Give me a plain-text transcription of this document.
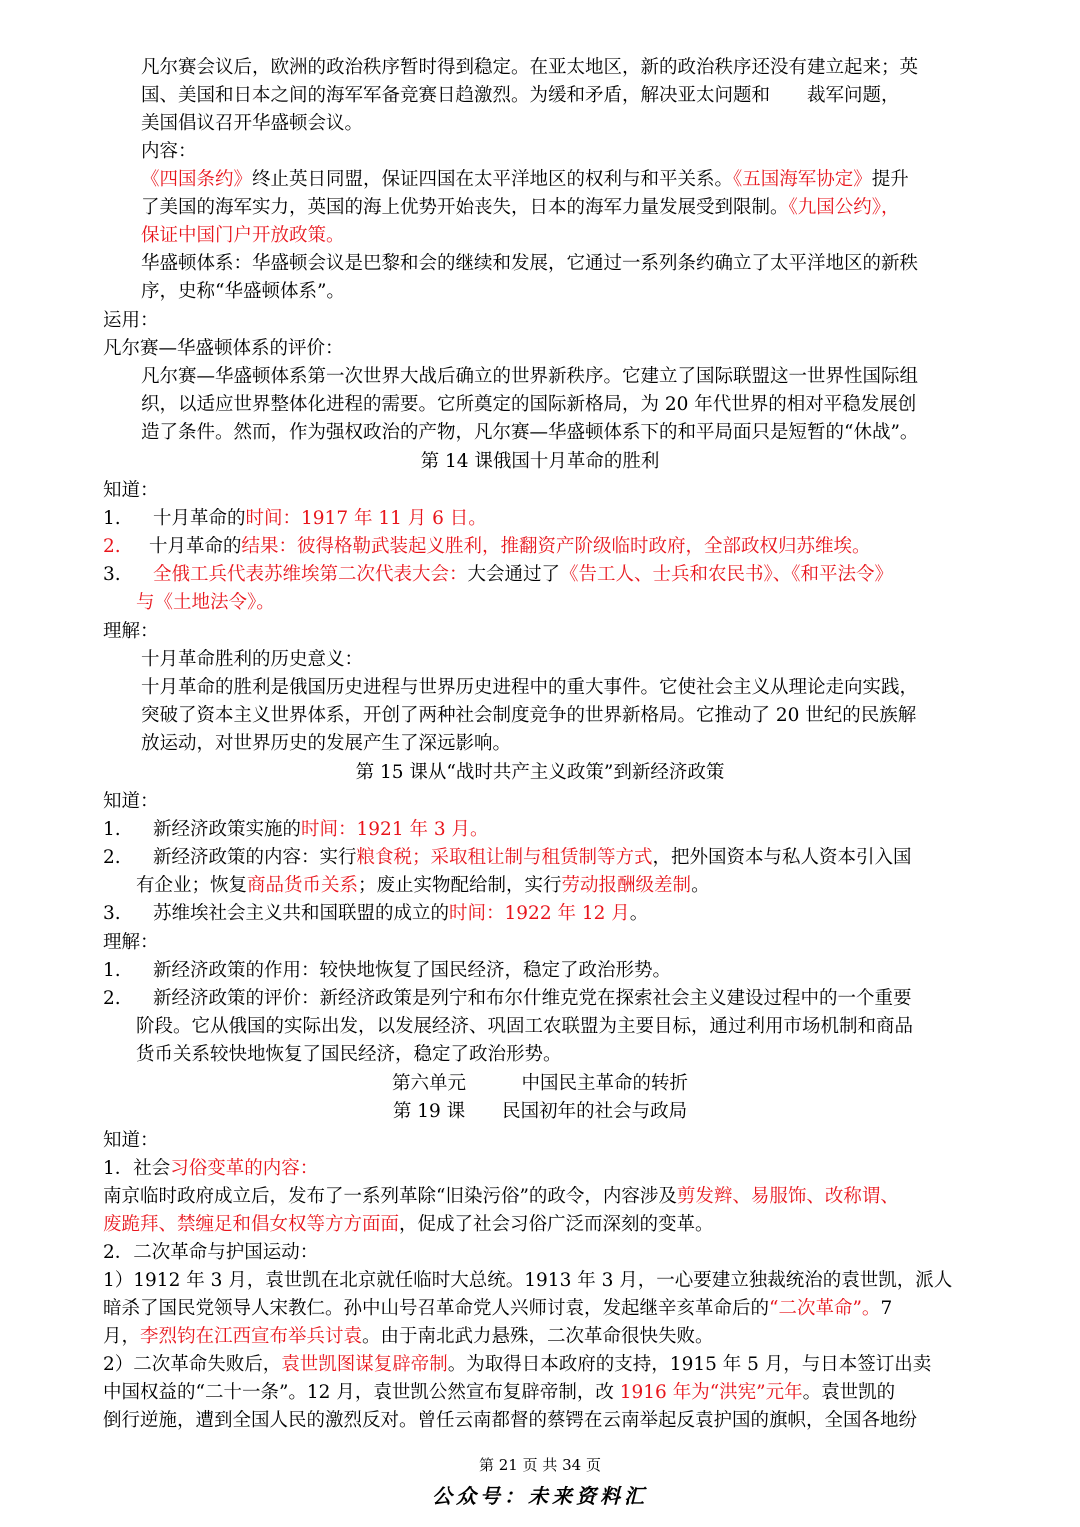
凡尔赛会议后，欧洲的政治秩序暂时得到稳定。在亚太地区，新的政治秩序还没有建立起来；英
国、美国和日本之间的海军军备竞赛日趋激烈。为缓和矛盾，解决亚太问题和　　裁军问题，
美国倡议召开华盛顿会议。
内容：
《四国条约》终止英日同盟，保证四国在太平洋地区的权利与和平关系。《五国海军协定》提升
了美国的海军实力，英国的海上优势开始丧失，日本的海军力量发展受到限制。《九国公约》，
保证中国门户开放政策。
华盛顿体系：华盛顿会议是巴黎和会的继续和发展，它通过一系列条约确立了太平洋地区的新秩
序，史称“华盛顿体系”。
运用：
凡尔赛—华盛顿体系的评价：
凡尔赛—华盛顿体系第一次世界大战后确立的世界新秩序。它建立了国际联盟这一世界性国际组
织，以适应世界整体化进程的需要。它所奠定的国际新格局，为 20 年代世界的相对平稳发展创
造了条件。然而，作为强权政治的产物，凡尔赛—华盛顿体系下的和平局面只是短暂的“休战”。
第 14 课俄国十月革命的胜利
知道：
1. 十月革命的时间：1917 年 11 月 6 日。
2. 十月革命的结果：彼得格勒武装起义胜利，推翻资产阶级临时政府，全部政权归苏维埃。
3. 全俄工兵代表苏维埃第二次代表大会：大会通过了《告工人、士兵和农民书》、《和平法令》
与《土地法令》。
理解：
十月革命胜利的历史意义：
十月革命的胜利是俄国历史进程与世界历史进程中的重大事件。它使社会主义从理论走向实践，
突破了资本主义世界体系，开创了两种社会制度竞争的世界新格局。它推动了 20 世纪的民族解
放运动，对世界历史的发展产生了深远影响。
第 15 课从“战时共产主义政策”到新经济政策
知道：
1. 新经济政策实施的时间：1921 年 3 月。
2. 新经济政策的内容：实行粮食税；采取租让制与租赁制等方式，把外国资本与私人资本引入国
有企业；恢复商品货币关系；废止实物配给制，实行劳动报酬级差制。
3. 苏维埃社会主义共和国联盟的成立的时间：1922 年 12 月。
理解：
1. 新经济政策的作用：较快地恢复了国民经济，稳定了政治形势。
2. 新经济政策的评价：新经济政策是列宁和布尔什维克党在探索社会主义建设过程中的一个重要
阶段。它从俄国的实际出发，以发展经济、巩固工农联盟为主要目标，通过利用市场机制和商品
货币关系较快地恢复了国民经济，稳定了政治形势。
第六单元　　　中国民主革命的转折
第 19 课　　民国初年的社会与政局
知道：
1．社会习俗变革的内容：
南京临时政府成立后，发布了一系列革除“旧染污俗”的政令，内容涉及剪发辫、易服饰、改称谓、
废跪拜、禁缠足和倡女权等方方面面，促成了社会习俗广泛而深刻的变革。
2．二次革命与护国运动：
1）1912 年 3 月，袁世凯在北京就任临时大总统。1913 年 3 月，一心要建立独裁统治的袁世凯，派人
暗杀了国民党领导人宋教仁。孙中山号召革命党人兴师讨袁，发起继辛亥革命后的“二次革命”。7
月，李烈钧在江西宣布举兵讨袁。由于南北武力悬殊，二次革命很快失败。
2）二次革命失败后，袁世凯图谋复辟帝制。为取得日本政府的支持，1915 年 5 月，与日本签订出卖
中国权益的“二十一条”。12 月，袁世凯公然宣布复辟帝制，改 1916 年为“洪宪”元年。袁世凯的
倒行逆施，遭到全国人民的激烈反对。曾任云南都督的蔡锷在云南举起反袁护国的旗帜，全国各地纷
第 21 页 共 34 页
公众号：未来资料汇
